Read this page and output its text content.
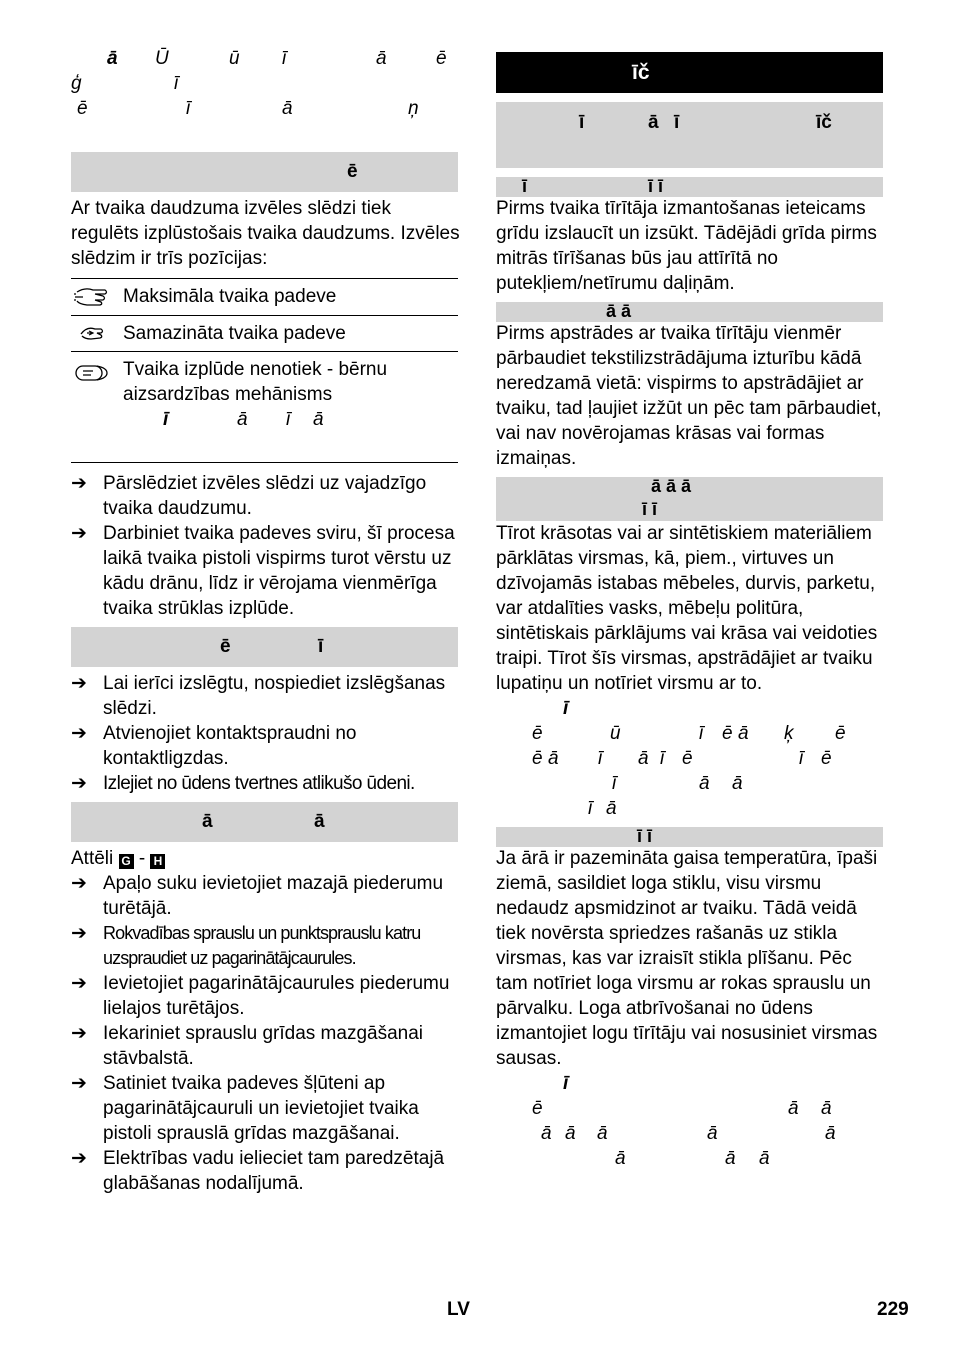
ā Ū	ū ī	ā	ē
ģ	ī
ē	ī	ā	ņ
ē
Ar tvaika daudzuma izvēles slēdzi tiek regulēts izplūstošais tvaika daudzums. Izvēles slēdzim ir trīs pozīcijas:
Maksimāla tvaika padeve
Samazināta tvaika padeve
Tvaika izplūde nenotiek - bērnu aizsardzības mehānisms
ī	ā ī ā
➔ Pārslēdziet izvēles slēdzi uz vajadzīgo tvaika daudzumu.
➔ Darbiniet tvaika padeves sviru, šī procesa laikā tvaika pistoli vispirms turot vērstu uz kādu drānu, līdz ir vērojama vienmērīga tvaika strūklas izplūde.
ē	ī
➔ Lai ierīci izslēgtu, nospiediet izslēgšanas slēdzi.
➔ Atvienojiet kontaktspraudni no kontaktligzdas.
➔ Izlejiet no ūdens tvertnes atlikušo ūdeni.
ā	ā
Attēli G - H
➔ Apaļo suku ievietojiet mazajā piederumu turētājā.
➔ Rokvadības sprauslu un punktsprauslu katru uzspraudiet uz pagarinātājcaurules.
➔ Ievietojiet pagarinātājcaurules piederumu lielajos turētājos.
➔ Iekariniet sprauslu grīdas mazgāšanai stāvbalstā.
➔ Satiniet tvaika padeves šļūteni ap pagarinātājcauruli un ievietojiet tvaika pistoli sprauslā grīdas mazgāšanai.
➔ Elektrības vadu ielieciet tam paredzētajā glabāšanas nodalījumā.
īč
ī	ā ī	īč
ī	ī ī
Pirms tvaika tīrītāja izmantošanas ieteicams grīdu izslaucīt un izsūkt. Tādējādi grīda pirms mitrās tīrīšanas būs jau attīrītā no putekļiem/netīrumu daļiņām.
ā ā
Pirms apstrādes ar tvaika tīrītāju vienmēr pārbaudiet tekstilizstrādājuma izturību kādā neredzamā vietā: vispirms to apstrādājiet ar tvaiku, tad ļaujiet izžūt un pēc tam pārbaudiet, vai nav novērojamas krāsas vai formas izmaiņas.
ā ā ā
ī ī
Tīrot krāsotas vai ar sintētiskiem materiāliem pārklātas virsmas, kā, piem., virtuves un dzīvojamās istabas mēbeles, durvis, parketu, var atdalīties vasks, mēbeļu politūra, sintētiskais pārklājums vai krāsa vai veidoties traipi. Tīrot šīs virsmas, apstrādājiet ar tvaiku lupatiņu un notīriet virsmu ar to.
ī
ē	ū	ī ē ā ķ ē
ē ā ī ā ī ē	ī ē
ī	ā ā
ī ā
ī ī
Ja ārā ir pazemināta gaisa temperatūra, īpaši ziemā, sasildiet loga stiklu, visu virsmu nedaudz apsmidzinot ar tvaiku. Tādā veidā tiek novērsta spriedzes rašanās uz stikla virsmas, kas var izraisīt stikla plīšanu. Pēc tam notīriet loga virsmu ar rokas sprauslu un pārvalku. Loga atbrīvošanai no ūdens izmantojiet logu tīrītāju vai nosusiniet virsmas sausas.
ī
ē	ā ā
ā ā ā	ā	ā
ā	ā ā
LV	229
